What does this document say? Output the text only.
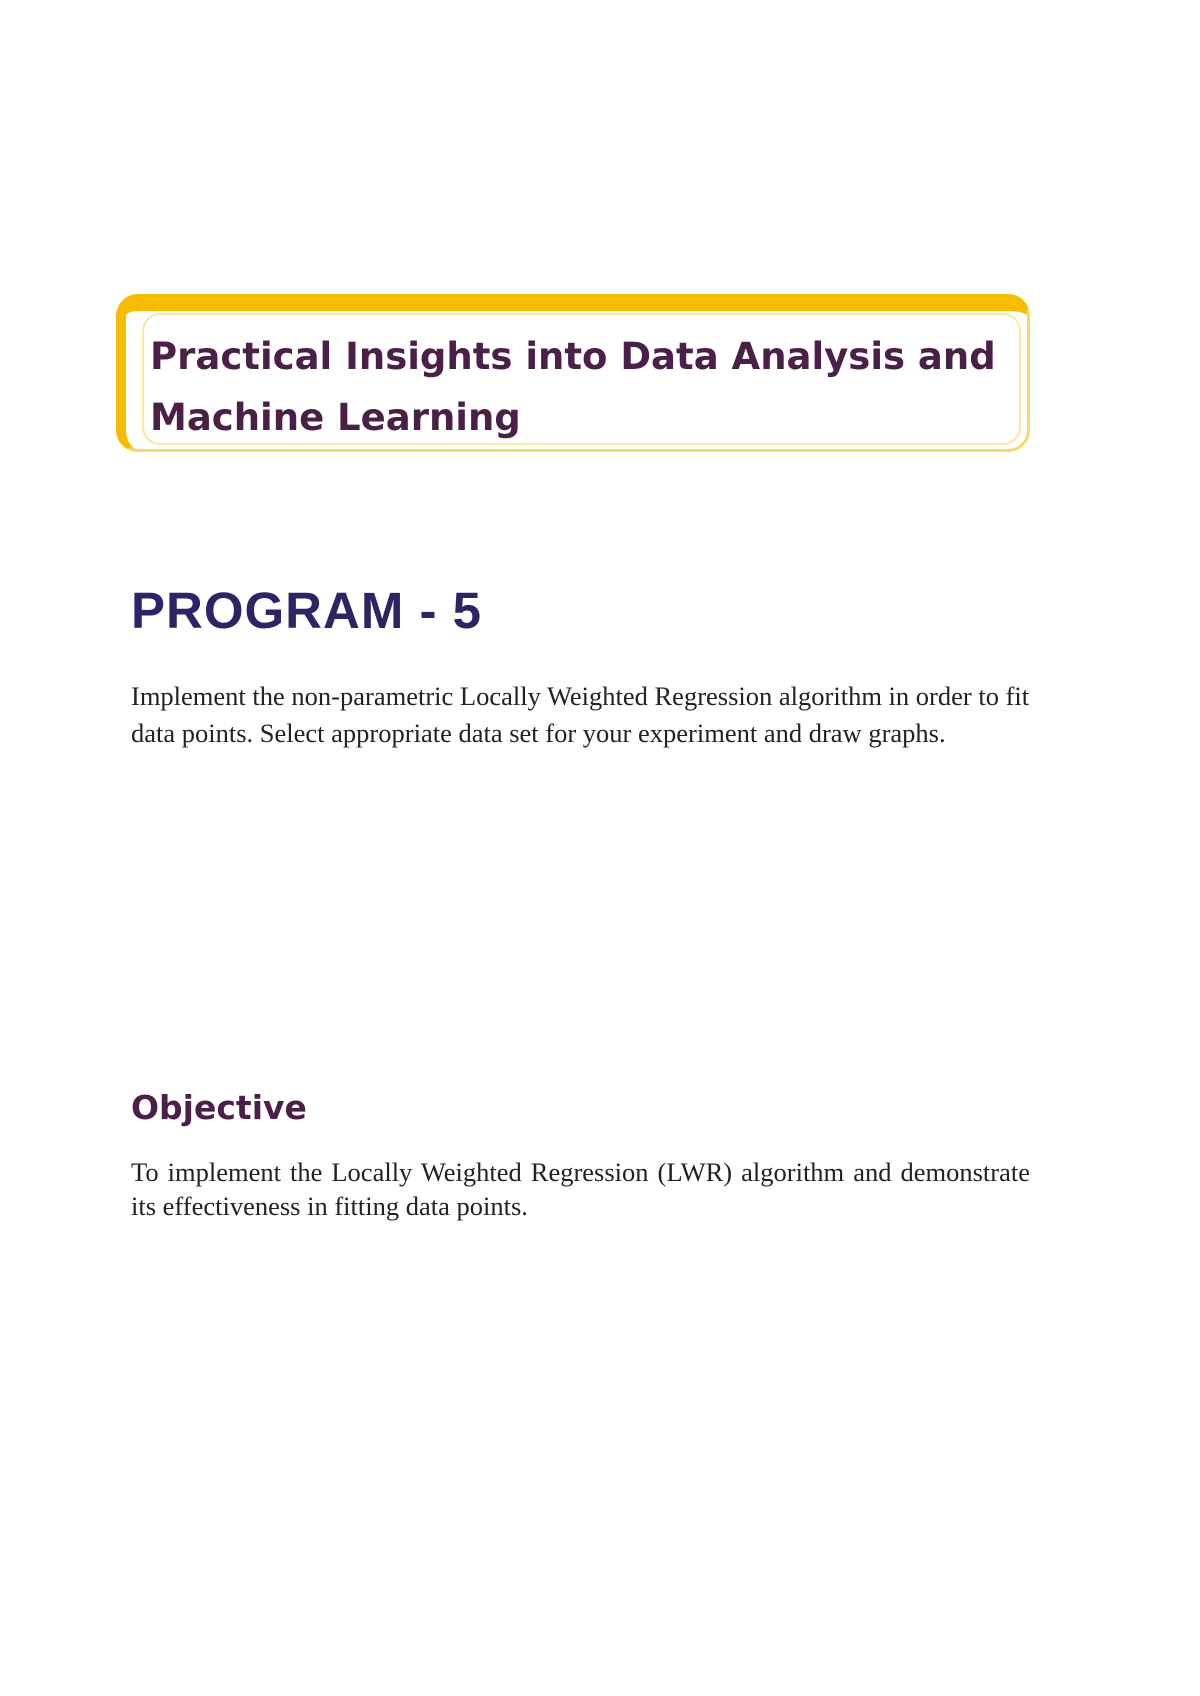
Practical Insights into Data Analysis and Machine Learning
PROGRAM - 5

Implement the non-parametric Locally Weighted Regression algorithm in order to fit data points. Select appropriate data set for your experiment and draw graphs.

Objective

To implement the Locally Weighted Regression (LWR) algorithm and demonstrate its effectiveness in fitting data points.
